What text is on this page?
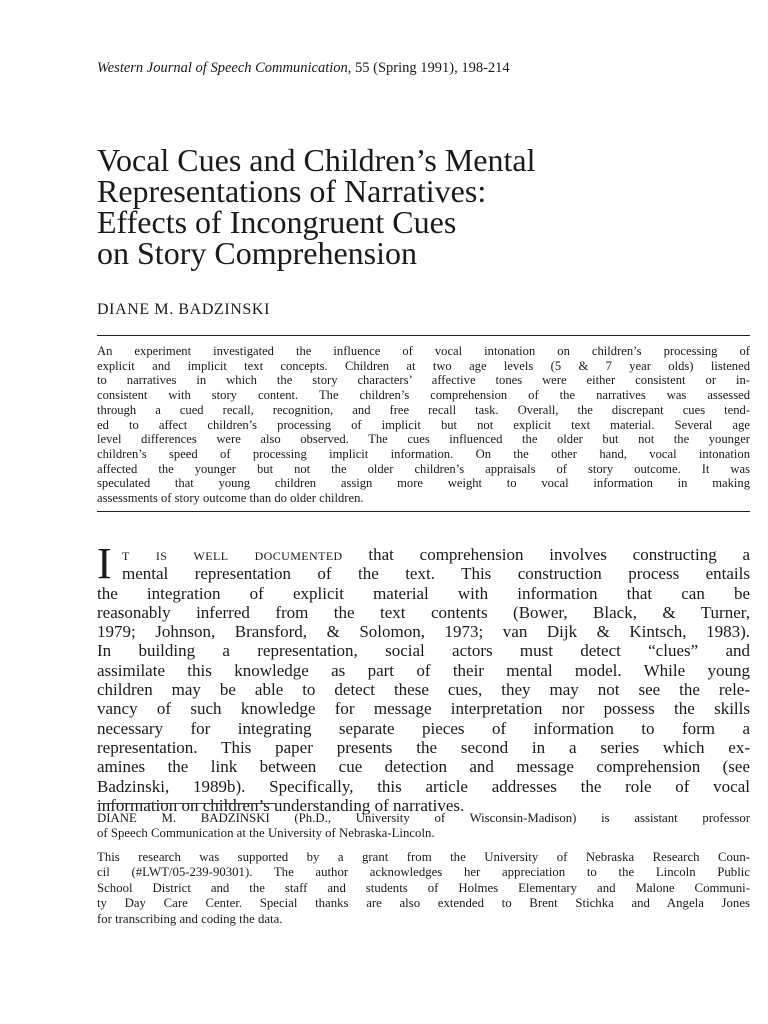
Western Journal of Speech Communication, 55 (Spring 1991), 198-214
Vocal Cues and Children’s Mental
Representations of Narratives:
Effects of Incongruent Cues
on Story Comprehension
DIANE M. BADZINSKI
An experiment investigated the influence of vocal intonation on children’s processing of
explicit and implicit text concepts. Children at two age levels (5 & 7 year olds) listened
to narratives in which the story characters’ affective tones were either consistent or in-
consistent with story content. The children’s comprehension of the narratives was assessed
through a cued recall, recognition, and free recall task. Overall, the discrepant cues tend-
ed to affect children’s processing of implicit but not explicit text material. Several age
level differences were also observed. The cues influenced the older but not the younger
children’s speed of processing implicit information. On the other hand, vocal intonation
affected the younger but not the older children’s appraisals of story outcome. It was
speculated that young children assign more weight to vocal information in making
assessments of story outcome than do older children.
I t is well documented that comprehension involves constructing a
mental representation of the text. This construction process entails
the integration of explicit material with information that can be
reasonably inferred from the text contents (Bower, Black, & Turner,
1979; Johnson, Bransford, & Solomon, 1973; van Dijk & Kintsch, 1983).
In building a representation, social actors must detect “clues” and
assimilate this knowledge as part of their mental model. While young
children may be able to detect these cues, they may not see the rele-
vancy of such knowledge for message interpretation nor possess the skills
necessary for integrating separate pieces of information to form a
representation. This paper presents the second in a series which ex-
amines the link between cue detection and message comprehension (see
Badzinski, 1989b). Specifically, this article addresses the role of vocal
information on children’s understanding of narratives.
DIANE M. BADZINSKI (Ph.D., University of Wisconsin-Madison) is assistant professor
of Speech Communication at the University of Nebraska-Lincoln.
This research was supported by a grant from the University of Nebraska Research Coun-
cil (#LWT/05-239-90301). The author acknowledges her appreciation to the Lincoln Public
School District and the staff and students of Holmes Elementary and Malone Communi-
ty Day Care Center. Special thanks are also extended to Brent Stichka and Angela Jones
for transcribing and coding the data.
